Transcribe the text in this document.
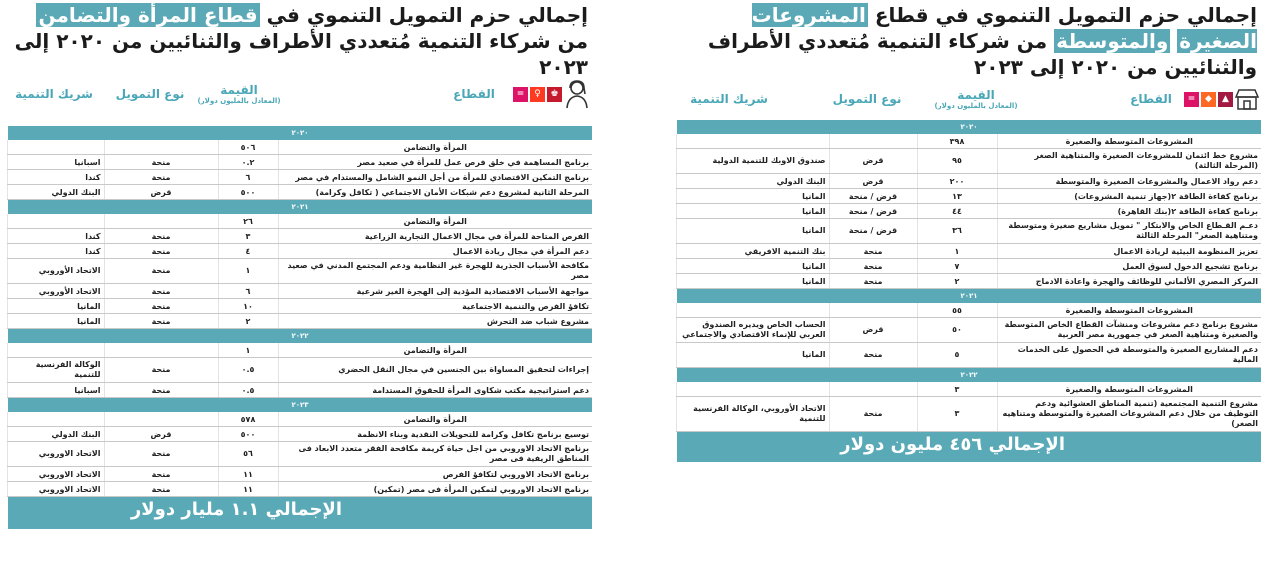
إجمالي حزم التمويل التنموي في قطاع المرأة والتضامن من شركاء التنمية مُتعددي الأطراف والثنائيين من ٢٠٢٠ إلى ٢٠٢٣
♚
♀
=
القطاع
القيمة
(المعادل بالمليون دولار)
نوع التمويل
شريك التنمية
٢٠٢٠			
المرأة والتضامن	٥٠٦		
برنامج المساهمة في خلق فرص عمل للمرأة في صعيد مصر	٠.٢	منحة	اسبانيا
برنامج التمكين الاقتصادي للمرأة من أجل النمو الشامل والمستدام في مصر	٦	منحة	كندا
المرحلة الثانية لمشروع دعم شبكات الأمان الاجتماعي ( تكافل وكرامة)	٥٠٠	قرض	البنك الدولي
٢٠٢١			
المرأة والتضامن	٢٦		
الفرص المتاحة للمرأة في مجال الاعمال التجارية الزراعية	٣	منحة	كندا
دعم المرأة في مجال ريادة الاعمال	٤	منحة	كندا
مكافحة الأسباب الجذرية للهجرة غير النظامية ودعم المجتمع المدني في صعيد مصر	١	منحة	الاتحاد الأوروبي
مواجهة الأسباب الاقتصادية المؤدية إلى الهجرة الغير شرعية	٦	منحة	الاتحاد الأوروبي
تكافؤ الفرص والتنمية الاجتماعية	١٠	منحة	المانيا
مشروع شباب ضد التحرش	٢	منحة	المانيا
٢٠٢٢			
المرأة والتضامن	١		
إجراءات لتحقيق المساواة بين الجنسين في مجال النقل الحضري	٠.٥	منحة	الوكالة الفرنسية للتنمية
دعم استراتيجية مكتب شكاوى المرأة للحقوق المستدامة	٠.٥	منحة	اسبانيا
٢٠٢٣			
المرأة والتضامن	٥٧٨		
توسيع برنامج تكافل وكرامة للتحويلات النقدية وبناء الانظمة	٥٠٠	قرض	البنك الدولي
برنامج الاتحاد الاوروبي من اجل حياة كريمة مكافحة الفقر متعدد الابعاد فى المناطق الريفية فى مصر	٥٦	منحة	الاتحاد الاوروبي
برنامج الاتحاد الاوروبي لتكافؤ الفرص	١١	منحة	الاتحاد الاوروبي
برنامج الاتحاد الاوروبي لتمكين المرأة فى مصر (تمكين)	١١	منحة	الاتحاد الاوروبي
الإجمالي ١.١ مليار دولار
إجمالي حزم التمويل التنموي في قطاع المشروعات الصغيرة والمتوسطة من شركاء التنمية مُتعددي الأطراف والثنائيين من ٢٠٢٠ إلى ٢٠٢٣
▲
◆
=
القطاع
القيمة
(المعادل بالمليون دولار)
نوع التمويل
شريك التنمية
٢٠٢٠			
المشروعات المتوسطة والصغيرة	٣٩٨		
مشروع خط ائتمان للمشروعات الصغيرة والمتناهية الصغر (المرحلة الثالثة)	٩٥	قرض	صندوق الاوبك للتنمية الدولية
دعم رواد الاعمال والمشروعات الصغيرة والمتوسطة	٢٠٠	قرض	البنك الدولي
برنامج كفاءة الطاقة ٢(جهاز تنمية المشروعات)	١٣	قرض / منحة	المانيا
برنامج كفاءة الطاقة ٢(بنك القاهرة)	٤٤	قرض / منحة	المانيا
دعـم القـطاع الخاص والابتكار " تمويل مشاريع صغيرة ومتوسطة ومتناهية الصغر" المرحلة الثالثة	٣٦	قرض / منحة	المانيا
تعزيز المنظومة البيئية لريادة الاعمال	١	منحة	بنك التنمية الافريقي
برنامج تشجيع الدخول لسوق العمل	٧	منحة	المانيا
المركز المصري الألماني للوظائف والهجرة واعادة الادماج	٢	منحة	المانيا
٢٠٢١			
المشروعات المتوسطة والصغيرة	٥٥		
مشروع برنامج دعم مشروعات ومنشآت القطاع الخاص المتوسطة والصغيرة ومتناهية الصغر في جمهورية مصر العربية	٥٠	قرض	الحساب الخاص ويديره الصندوق العربي للإنماء الاقتصادي والاجتماعي
دعم المشاريع الصغيرة والمتوسطة في الحصول على الخدمات المالية	٥	منحة	المانيا
٢٠٢٢			
المشروعات المتوسطة والصغيرة	٣		
مشروع التنمية المجتمعية (تنمية المناطق العشوائية ودعم التوظيف من خلال دعم المشروعات الصغيرة والمتوسطة ومتناهيه الصغر)	٣	منحة	الاتحاد الأوروبي، الوكالة الفرنسية للتنمية
الإجمالي ٤٥٦ مليون دولار
